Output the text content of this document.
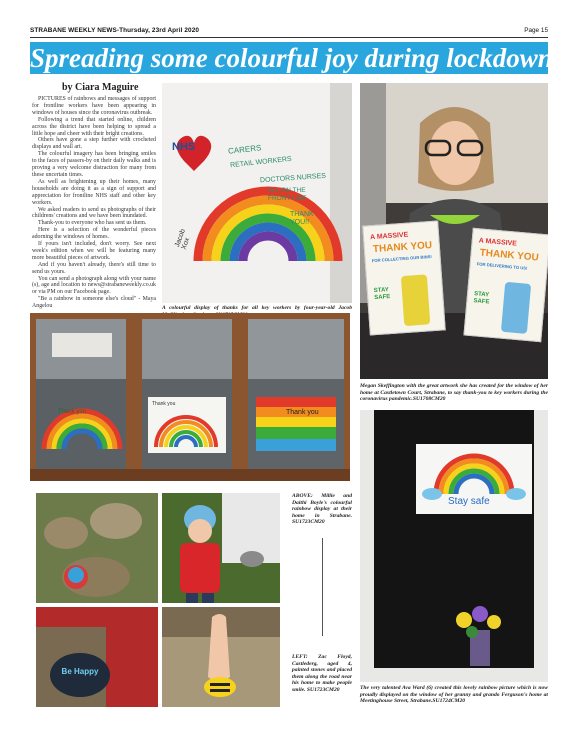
STRABANE WEEKLY NEWS-Thursday, 23rd April 2020	Page 15
Spreading some colourful joy during lockdown
by Ciara Maguire

PICTURES of rainbows and messages of support for frontline workers have been appearing in windows of houses since the coronavirus outbreak.

Following a trend that started online, children across the district have been helping to spread a little hope and cheer with their bright creations.

Others have gone a step further with crocheted displays and wall art.

The colourful imagery has been bringing smiles to the faces of passers-by on their daily walks and is proving a very welcome distraction for many from these uncertain times.

As well as brightening up their homes, many households are doing it as a sign of support and appreciation for frontline NHS staff and other key workers.

We asked readers to send us photographs of their childrens' creations and we have been inundated.

Thank-you to everyone who has sent us them.

Here is a selection of the wonderful pieces adorning the windows of homes.

If yours isn't included, don't worry. See next week's edition when we will be featuring many more beautiful pieces of artwork.

And if you haven't already, there's still time to send us yours.

You can send a photograph along with your name (s), age and location to news@strabaneweekly.co.uk or via PM on our Facebook page.

"Be a rainbow in someone else's cloud" - Maya Angelou

NHS	CARERS
RETAIL WORKERS
DOCTORS NURSES
ALL ON THE FRONT LINE
THANK YOU!!
Jacob Xox
A colourful display of thanks for all key workers by four-year-old Jacob
A MASSIVE
THANK YOU
FOR COLLECTING OUR BINS!
STAY SAFE
A MASSIVE
THANK YOU
FOR DELIVERING TO US!
STAY SAFE
Megan Skeffington with the great artwork she has created for the window of her home at Castletown Court, Strabane, to say thank-you to key workers during the coronavirus pandemic.SU1708CM20
Thank you
Thank you
Thank you
Be Happy
ABOVE: Millie and Daithi Boyle's colourful rainbow display at their home in Strabane. SU1723CM20
LEFT: Zac Floyd, Castlederg, aged 4, painted stones and placed them along the road near his home to make people smile. SU1723CM20
Stay safe
The very talented Ava Ward (6) created this lovely rainbow picture which is now proudly displayed on the window of her granny and grando Ferguson's home at Meetinghouse Street, Strabane.SU1724CM20
